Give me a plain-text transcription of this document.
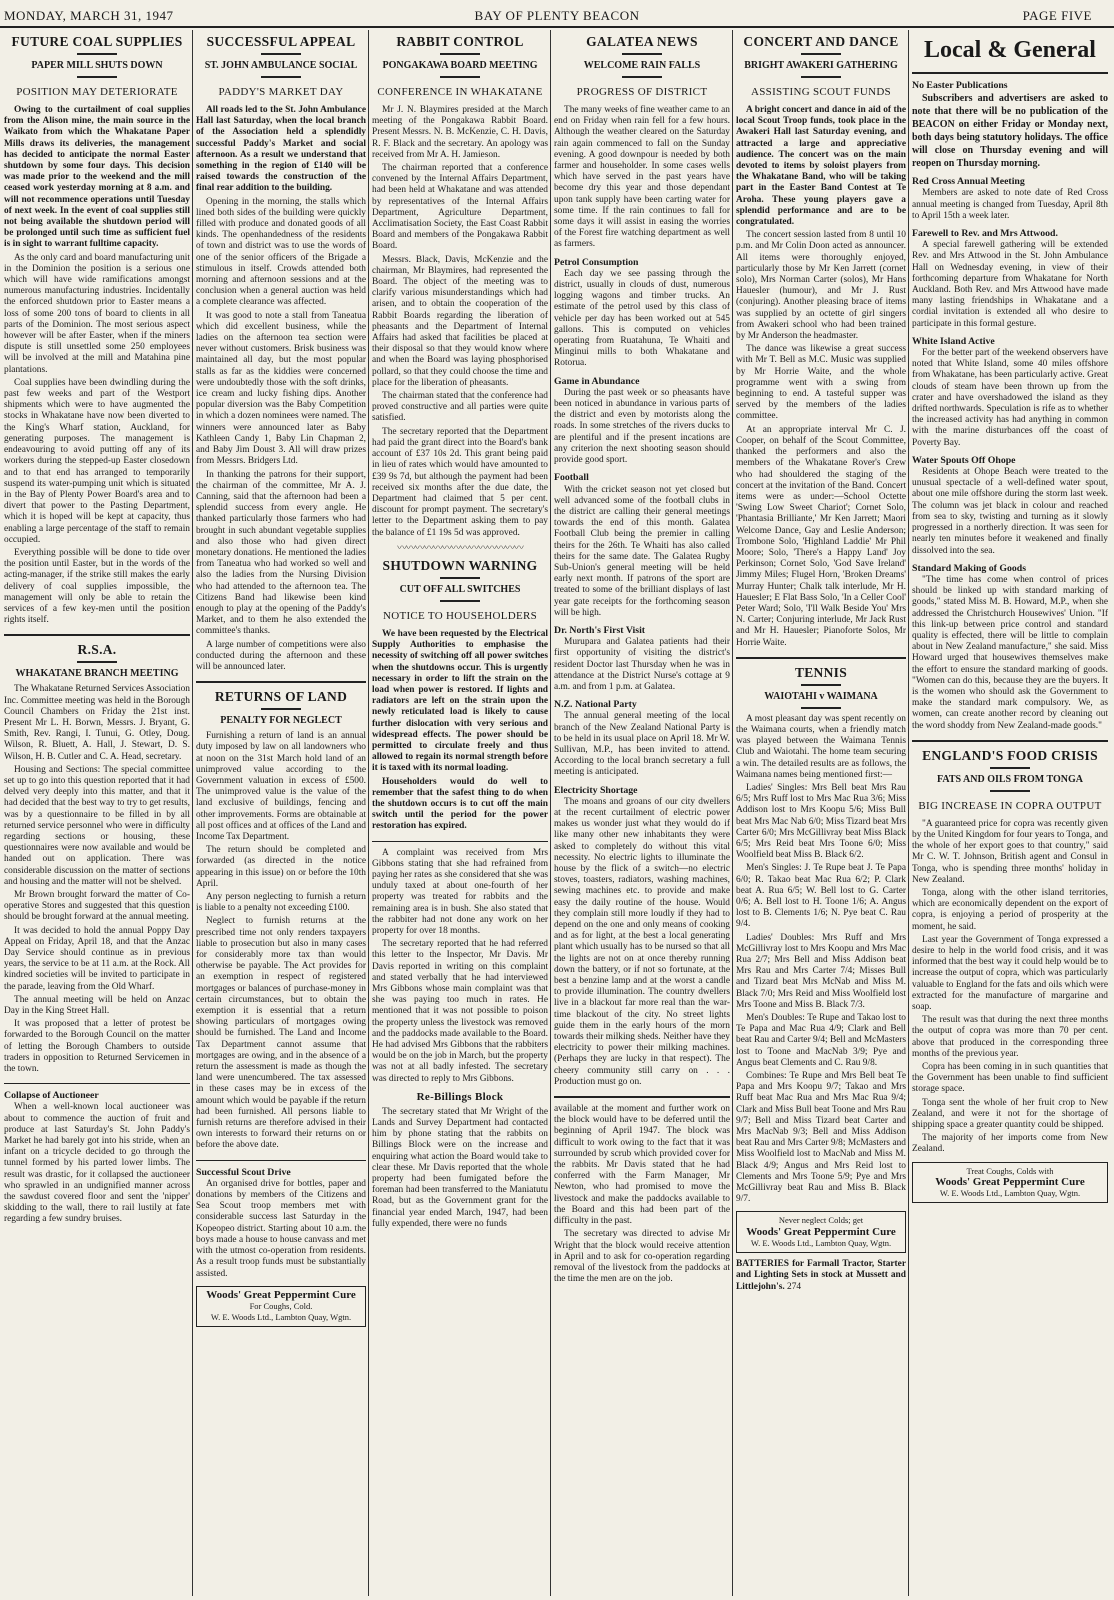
MONDAY, MARCH 31, 1947	BAY OF PLENTY BEACON	PAGE FIVE
FUTURE COAL SUPPLIES
PAPER MILL SHUTS DOWN
POSITION MAY DETERIORATE

Owing to the curtailment of coal supplies from the Alison mine, the main source in the Waikato from which the Whakatane Paper Mills draws its deliveries, the management has decided to anticipate the normal Easter shutdown by some four days. This decision was made prior to the weekend and the mill ceased work yesterday morning at 8 a.m. and will not recommence operations until Tuesday of next week. In the event of coal supplies still not being available the shutdown period will be prolonged until such time as sufficient fuel is in sight to warrant fulltime capacity.

As the only card and board manufacturing unit in the Dominion the position is a serious one which will have wide ramifications amongst numerous manufacturing industries. Incidentally the enforced shutdown prior to Easter means a loss of some 200 tons of board to clients in all parts of the Dominion. The most serious aspect however will be after Easter, when if the miners dispute is still unsettled some 250 employees will be involved at the mill and Matahina pine plantations.

Coal supplies have been dwindling during the past few weeks and part of the Westport shipments which were to have augmented the stocks in Whakatane have now been diverted to the King's Wharf station, Auckland, for generating purposes. The management is endeavouring to avoid putting off any of its workers during the stepped-up Easter closedown and to that end has arranged to temporarily suspend its water-pumping unit which is situated in the Bay of Plenty Power Board's area and to divert that power to the Pasting Department, which it is hoped will be kept at capacity, thus enabling a large percentage of the staff to remain occupied.

Everything possible will be done to tide over the position until Easter, but in the words of the acting-manager, if the strike still makes the early delivery of coal supplies impossible, the management will only be able to retain the services of a few key-men until the position rights itself.

R.S.A.
WHAKATANE BRANCH MEETING

The Whakatane Returned Services Association Inc. Committee meeting was held in the Borough Council Chambers on Friday the 21st inst. Present Mr L. H. Borwn, Messrs. J. Bryant, G. Smith, Rev. Rangi, I. Tunui, G. Otley, Doug. Wilson, R. Bluett, A. Hall, J. Stewart, D. S. Wilson, H. B. Cutler and C. A. Head, secretary.

Housing and Sections: The special committee set up to go into this question reported that it had delved very deeply into this matter, and that it had decided that the best way to try to get results, was by a questionnaire to be filled in by all returned service personnel who were in difficulty regarding sections or housing, these questionnaires were now available and would be handed out on application. There was considerable discussion on the matter of sections and housing and the matter will not be shelved.

Mr Brown brought forward the matter of Co-operative Stores and suggested that this question should be brought forward at the annual meeting.

It was decided to hold the annual Poppy Day Appeal on Friday, April 18, and that the Anzac Day Service should continue as in previous years, the service to be at 11 a.m. at the Rock. All kindred societies will be invited to participate in the parade, leaving from the Old Wharf.

The annual meeting will be held on Anzac Day in the King Street Hall.

It was proposed that a letter of protest be forwarded to the Borough Council on the matter of letting the Borough Chambers to outside traders in opposition to Returned Servicemen in the town.

Collapse of Auctioneer

When a well-known local auctioneer was about to commence the auction of fruit and produce at last Saturday's St. John Paddy's Market he had barely got into his stride, when an infant on a tricycle decided to go through the tunnel formed by his parted lower limbs. The result was drastic, for it collapsed the auctioneer who sprawled in an undignified manner across the sawdust covered floor and sent the 'nipper' skidding to the wall, there to rail lustily at fate regarding a few sundry bruises.

SUCCESSFUL APPEAL
ST. JOHN AMBULANCE SOCIAL
PADDY'S MARKET DAY

All roads led to the St. John Ambulance Hall last Saturday, when the local branch of the Association held a splendidly successful Paddy's Market and social afternoon. As a result we understand that something in the region of £140 will be raised towards the construction of the final rear addition to the building.

Opening in the morning, the stalls which lined both sides of the building were quickly filled with produce and donated goods of all kinds. The openhandedness of the residents of town and district was to use the words of one of the senior officers of the Brigade a stimulous in itself. Crowds attended both morning and afternoon sessions and at the conclusion when a general auction was held a complete clearance was affected.

It was good to note a stall from Taneatua which did excellent business, while the ladies on the afternoon tea section were never without customers. Brisk business was maintained all day, but the most popular stalls as far as the kiddies were concerned were undoubtedly those with the soft drinks, ice cream and lucky fishing dips. Another popular diversion was the Baby Competition in which a dozen nominees were named. The winners were announced later as Baby Kathleen Candy 1, Baby Lin Chapman 2, and Baby Jim Doust 3. All will draw prizes from Messrs. Bridgers Ltd.

In thanking the patrons for their support, the chairman of the committee, Mr A. J. Canning, said that the afternoon had been a splendid success from every angle. He thanked particularly those farmers who had brought in such abundant vegetable supplies and also those who had given direct monetary donations. He mentioned the ladies from Taneatua who had worked so well and also the ladies from the Nursing Division who had attended to the afternoon tea. The Citizens Band had likewise been kind enough to play at the opening of the Paddy's Market, and to them he also extended the committee's thanks.

A large number of competitions were also conducted during the afternoon and these will be announced later.

RETURNS OF LAND
PENALTY FOR NEGLECT

Furnishing a return of land is an annual duty imposed by law on all landowners who at noon on the 31st March hold land of an unimproved value according to the Government valuation in excess of £500. The unimproved value is the value of the land exclusive of buildings, fencing and other improvements. Forms are obtainable at all post offices and at offices of the Land and Income Tax Department.

The return should be completed and forwarded (as directed in the notice appearing in this issue) on or before the 10th April.

Any person neglecting to furnish a return is liable to a penalty not exceeding £100.

Neglect to furnish returns at the prescribed time not only renders taxpayers liable to prosecution but also in many cases for considerably more tax than would otherwise be payable. The Act provides for an exemption in respect of registered mortgages or balances of purchase-money in certain circumstances, but to obtain the exemption it is essential that a return showing particulars of mortgages owing should be furnished. The Land and Income Tax Department cannot assume that mortgages are owing, and in the absence of a return the assessment is made as though the land were unencumbered. The tax assessed in these cases may be in excess of the amount which would be payable if the return had been furnished. All persons liable to furnish returns are therefore advised in their own interests to forward their returns on or before the above date.

Successful Scout Drive

An organised drive for bottles, paper and donations by members of the Citizens and Sea Scout troop members met with considerable success last Saturday in the Kopeopeo district. Starting about 10 a.m. the boys made a house to house canvass and met with the utmost co-operation from residents. As a result troop funds must be substantially assisted.

Woods' Great Peppermint Cure
For Coughs, Cold.
W. E. Woods Ltd., Lambton Quay, Wgtn.
RABBIT CONTROL
PONGAKAWA BOARD MEETING
CONFERENCE IN WHAKATANE

Mr J. N. Blaymires presided at the March meeting of the Pongakawa Rabbit Board. Present Messrs. N. B. McKenzie, C. H. Davis, R. F. Black and the secretary. An apology was received from Mr A. H. Jamieson.

The chairman reported that a conference convened by the Internal Affairs Department, had been held at Whakatane and was attended by representatives of the Internal Affairs Department, Agriculture Department, Acclimatisation Society, the East Coast Rabbit Board and members of the Pongakawa Rabbit Board.

Messrs. Black, Davis, McKenzie and the chairman, Mr Blaymires, had represented the Board. The object of the meeting was to clarify various misunderstandings which had arisen, and to obtain the cooperation of the Rabbit Boards regarding the liberation of pheasants and the Department of Internal Affairs had asked that facilities be placed at their disposal so that they would know where and when the Board was laying phosphorised pollard, so that they could choose the time and place for the liberation of pheasants.

The chairman stated that the conference had proved constructive and all parties were quite satisfied.

The secretary reported that the Department had paid the grant direct into the Board's bank account of £37 10s 2d. This grant being paid in lieu of rates which would have amounted to £39 9s 7d, but although the payment had been received six months after the due date, the Department had claimed that 5 per cent. discount for prompt payment. The secretary's letter to the Department asking them to pay the balance of £1 19s 5d was approved.

〰〰〰〰〰〰〰〰〰〰〰〰〰〰
SHUTDOWN WARNING
CUT OFF ALL SWITCHES
NOTICE TO HOUSEHOLDERS

We have been requested by the Electrical Supply Authorities to emphasise the necessity of switching off all power switches when the shutdowns occur. This is urgently necessary in order to lift the strain on the load when power is restored. If lights and radiators are left on the strain upon the newly reticulated load is likely to cause further dislocation with very serious and widespread effects. The power should be permitted to circulate freely and thus allowed to regain its normal strength before it is taxed with its normal loading.

Householders would do well to remember that the safest thing to do when the shutdown occurs is to cut off the main switch until the period for the power restoration has expired.

A complaint was received from Mrs Gibbons stating that she had refrained from paying her rates as she considered that she was unduly taxed at about one-fourth of her property was treated for rabbits and the remaining area is in bush. She also stated that the rabbiter had not done any work on her property for over 18 months.

The secretary reported that he had referred this letter to the Inspector, Mr Davis. Mr Davis reported in writing on this complaint and stated verbally that he had interviewed Mrs Gibbons whose main complaint was that she was paying too much in rates. He mentioned that it was not possible to poison the property unless the livestock was removed and the paddocks made available to the Board. He had advised Mrs Gibbons that the rabbiters would be on the job in March, but the property was not at all badly infested. The secretary was directed to reply to Mrs Gibbons.

Re-Billings Block

The secretary stated that Mr Wright of the Lands and Survey Department had contacted him by phone stating that the rabbits on Billings Block were on the increase and enquiring what action the Board would take to clear these. Mr Davis reported that the whole property had been fumigated before the foreman had been transferred to the Maniatutu Road, but as the Government grant for the financial year ended March, 1947, had been fully expended, there were no funds

GALATEA NEWS
WELCOME RAIN FALLS
PROGRESS OF DISTRICT

The many weeks of fine weather came to an end on Friday when rain fell for a few hours. Although the weather cleared on the Saturday rain again commenced to fall on the Sunday evening. A good downpour is needed by both farmer and householder. In some cases wells which have served in the past years have become dry this year and those dependant upon tank supply have been carting water for some time. If the rain continues to fall for some days it will assist in easing the worries of the Forest fire watching department as well as farmers.

Petrol Consumption

Each day we see passing through the district, usually in clouds of dust, numerous logging wagons and timber trucks. An estimate of the petrol used by this class of vehicle per day has been worked out at 545 gallons. This is computed on vehicles operating from Ruatahuna, Te Whaiti and Minginui mills to both Whakatane and Rotorua.

Game in Abundance

During the past week or so pheasants have been noticed in abundance in various parts of the district and even by motorists along the roads. In some stretches of the rivers ducks to are plentiful and if the present incations are any criterion the next shooting season should provide good sport.

Football

With the cricket season not yet closed but well advanced some of the football clubs in the district are calling their general meetings towards the end of this month. Galatea Football Club being the premier in calling theirs for the 26th. Te Whaiti has also called theirs for the same date. The Galatea Rugby Sub-Union's general meeting will be held early next month. If patrons of the sport are treated to some of the brilliant displays of last year gate receipts for the forthcoming season will be high.

Dr. North's First Visit

Murupara and Galatea patients had their first opportunity of visiting the district's resident Doctor last Thursday when he was in attendance at the District Nurse's cottage at 9 a.m. and from 1 p.m. at Galatea.

N.Z. National Party

The annual general meeting of the local branch of the New Zealand National Party is to be held in its usual place on April 18. Mr W. Sullivan, M.P., has been invited to attend. According to the local branch secretary a full meeting is anticipated.

Electricity Shortage

The moans and groans of our city dwellers at the recent curtailment of electric power makes us wonder just what they would do if like many other new inhabitants they were asked to completely do without this vital necessity. No electric lights to illuminate the house by the flick of a switch—no electric stoves, toasters, radiators, washing machines, sewing machines etc. to provide and make easy the daily routine of the house. Would they complain still more loudly if they had to depend on the one and only means of cooking and as for light, at the best a local generating plant which usually has to be nursed so that all the lights are not on at once thereby running down the battery, or if not so fortunate, at the best a benzine lamp and at the worst a candle to provide illumination. The country dwellers live in a blackout far more real than the war-time blackout of the city. No street lights guide them in the early hours of the morn towards their milking sheds. Neither have they electricity to power their milking machines. (Perhaps they are lucky in that respect). The cheery community still carry on . . . Production must go on.

available at the moment and further work on the block would have to be deferred until the beginning of April 1947. The block was difficult to work owing to the fact that it was surrounded by scrub which provided cover for the rabbits. Mr Davis stated that he had conferred with the Farm Manager, Mr Newton, who had promised to move the livestock and make the paddocks available to the Board and this had been part of the difficulty in the past.

The secretary was directed to advise Mr Wright that the block would receive attention in April and to ask for co-operation regarding removal of the livestock from the paddocks at the time the men are on the job.

CONCERT AND DANCE
BRIGHT AWAKERI GATHERING
ASSISTING SCOUT FUNDS

A bright concert and dance in aid of the local Scout Troop funds, took place in the Awakeri Hall last Saturday evening, and attracted a large and appreciative audience. The concert was on the main devoted to items by soloist players from the Whakatane Band, who will be taking part in the Easter Band Contest at Te Aroha. These young players gave a splendid performance and are to be congratulated.

The concert session lasted from 8 until 10 p.m. and Mr Colin Doon acted as announcer. All items were thoroughly enjoyed, particularly those by Mr Ken Jarrett (cornet solo), Mrs Norman Carter (solos), Mr Hans Hauesler (humour), and Mr J. Rust (conjuring). Another pleasing brace of items was supplied by an octette of girl singers from Awakeri school who had been trained by Mr Anderson the headmaster.

The dance was likewise a great success with Mr T. Bell as M.C. Music was supplied by Mr Horrie Waite, and the whole programme went with a swing from beginning to end. A tasteful supper was served by the members of the ladies committee.

At an appropriate interval Mr C. J. Cooper, on behalf of the Scout Committee, thanked the performers and also the members of the Whakatane Rover's Crew who had shouldered the staging of the concert at the invitation of the Band. Concert items were as under:—School Octette 'Swing Low Sweet Chariot'; Cornet Solo, 'Phantasia Brilliante,' Mr Ken Jarrett; Maori Welcome Dance, Gay and Leslie Anderson; Trombone Solo, 'Highland Laddie' Mr Phil Moore; Solo, 'There's a Happy Land' Joy Perkinson; Cornet Solo, 'God Save Ireland' Jimmy Miles; Flugel Horn, 'Broken Dreams' Murray Hunter; Chalk talk interlude, Mr H. Hauesler; E Flat Bass Solo, 'In a Celler Cool' Peter Ward; Solo, 'I'll Walk Beside You' Mrs N. Carter; Conjuring interlude, Mr Jack Rust and Mr H. Hauesler; Pianoforte Solos, Mr Horrie Waite.

TENNIS
WAIOTAHI v WAIMANA

A most pleasant day was spent recently on the Waimana courts, when a friendly match was played between the Waimana Tennis Club and Waiotahi. The home team securing a win. The detailed results are as follows, the Waimana names being mentioned first:—

Ladies' Singles: Mrs Bell beat Mrs Rau 6/5; Mrs Ruff lost to Mrs Mac Rua 3/6; Miss Addison lost to Mrs Koopu 5/6; Miss Bull beat Mrs Mac Nab 6/0; Miss Tizard beat Mrs Carter 6/0; Mrs McGillivray beat Miss Black 6/5; Mrs Reid beat Mrs Toone 6/0; Miss Woolfield beat Miss B. Black 6/2.

Men's Singles: J. Te Rupe beat J. Te Papa 6/0; R. Takao beat Mac Rua 6/2; P. Clark beat A. Rua 6/5; W. Bell lost to G. Carter 0/6; A. Bell lost to H. Toone 1/6; A. Angus lost to B. Clements 1/6; N. Pye beat C. Rau 9/4.

Ladies' Doubles: Mrs Ruff and Mrs McGillivray lost to Mrs Koopu and Mrs Mac Rua 2/7; Mrs Bell and Miss Addison beat Mrs Rau and Mrs Carter 7/4; Misses Bull and Tizard beat Mrs McNab and Miss M. Black 7/0; Mrs Reid and Miss Woolfield lost Mrs Toone and Miss B. Black 7/3.

Men's Doubles: Te Rupe and Takao lost to Te Papa and Mac Rua 4/9; Clark and Bell beat Rau and Carter 9/4; Bell and McMasters lost to Toone and MacNab 3/9; Pye and Angus beat Clements and C. Rau 9/8.

Combines: Te Rupe and Mrs Bell beat Te Papa and Mrs Koopu 9/7; Takao and Mrs Ruff beat Mac Rua and Mrs Mac Rua 9/4; Clark and Miss Bull beat Toone and Mrs Rau 9/7; Bell and Miss Tizard beat Carter and Mrs MacNab 9/3; Bell and Miss Addison beat Rau and Mrs Carter 9/8; McMasters and Miss Woolfield lost to MacNab and Miss M. Black 4/9; Angus and Mrs Reid lost to Clements and Mrs Toone 5/9; Pye and Mrs McGillivray beat Rau and Miss B. Black 9/7.

Never neglect Colds; get
Woods' Great Peppermint Cure
W. E. Woods Ltd., Lambton Quay, Wgtn.

BATTERIES for Farmall Tractor, Starter and Lighting Sets in stock at Mussett and Littlejohn's. 274

Local & General
No Easter Publications

Subscribers and advertisers are asked to note that there will be no publication of the BEACON on either Friday or Monday next, both days being statutory holidays. The office will close on Thursday evening and will reopen on Thursday morning.

Red Cross Annual Meeting

Members are asked to note date of Red Cross annual meeting is changed from Tuesday, April 8th to April 15th a week later.

Farewell to Rev. and Mrs Attwood.

A special farewell gathering will be extended Rev. and Mrs Attwood in the St. John Ambulance Hall on Wednesday evening, in view of their forthcoming departure from Whakatane for North Auckland. Both Rev. and Mrs Attwood have made many lasting friendships in Whakatane and a cordial invitation is extended all who desire to participate in this formal gesture.

White Island Active

For the better part of the weekend observers have noted that White Island, some 40 miles offshore from Whakatane, has been particularly active. Great clouds of steam have been thrown up from the crater and have overshadowed the island as they drifted northwards. Speculation is rife as to whether the increased activity has had anything in common with the marine disturbances off the coast of Poverty Bay.

Water Spouts Off Ohope

Residents at Ohope Beach were treated to the unusual spectacle of a well-defined water spout, about one mile offshore during the storm last week. The column was jet black in colour and reached from sea to sky, twisting and turning as it slowly progressed in a northerly direction. It was seen for nearly ten minutes before it weakened and finally dissolved into the sea.

Standard Making of Goods

"The time has come when control of prices should be linked up with standard marking of goods," stated Miss M. B. Howard, M.P., when she addressed the Christchurch Housewives' Union. "If this link-up between price control and standard quality is effected, there will be little to complain about in New Zealand manufacture," she said. Miss Howard urged that housewives themselves make the effort to ensure the standard marking of goods. "Women can do this, because they are the buyers. It is the women who should ask the Government to make the standard mark compulsory. We, as women, can create another record by cleaning out the word shoddy from New Zealand-made goods."

ENGLAND'S FOOD CRISIS
FATS AND OILS FROM TONGA
BIG INCREASE IN COPRA OUTPUT

"A guaranteed price for copra was recently given by the United Kingdom for four years to Tonga, and the whole of her export goes to that country," said Mr C. W. T. Johnson, British agent and Consul in Tonga, who is spending three months' holiday in New Zealand.

Tonga, along with the other island territories, which are economically dependent on the export of copra, is enjoying a period of prosperity at the moment, he said.

Last year the Government of Tonga expressed a desire to help in the world food crisis, and it was informed that the best way it could help would be to increase the output of copra, which was particularly valuable to England for the fats and oils which were extracted for the manufacture of margarine and soap.

The result was that during the next three months the output of copra was more than 70 per cent. above that produced in the corresponding three months of the previous year.

Copra has been coming in in such quantities that the Government has been unable to find sufficient storage space.

Tonga sent the whole of her fruit crop to New Zealand, and were it not for the shortage of shipping space a greater quantity could be shipped.

The majority of her imports come from New Zealand.

Treat Coughs, Colds with
Woods' Great Peppermint Cure
W. E. Woods Ltd., Lambton Quay, Wgtn.
